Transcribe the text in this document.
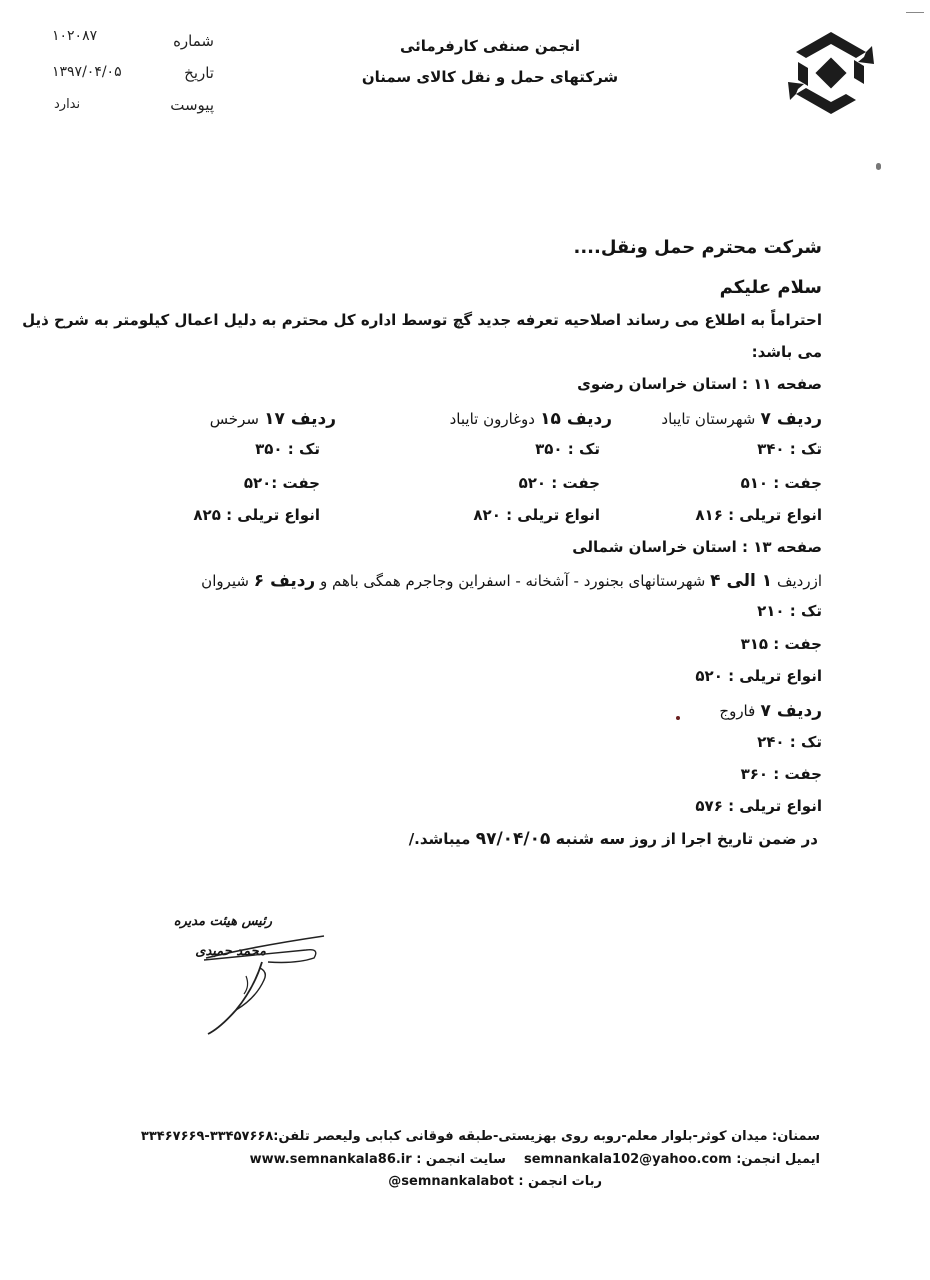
انجمن صنفی کارفرمائی
شرکتهای حمل و نقل کالای سمنان
شماره
۱۰۲۰۸۷
تاریخ
۱۳۹۷/۰۴/۰۵
پیوست
ندارد
شرکت محترم حمل ونقل....
سلام علیکم
احتراماً به اطلاع می رساند اصلاحیه تعرفه جدید گچ توسط اداره کل محترم به دلیل اعمال کیلومتر به شرح ذیل
می باشد:
صفحه ۱۱ : استان خراسان رضوی
ردیف ۷ شهرستان تایباد
تک : ۳۴۰
جفت : ۵۱۰
انواع تریلی : ۸۱۶
ردیف ۱۵ دوغارون تایباد
تک : ۳۵۰
جفت : ۵۲۰
انواع تریلی : ۸۲۰
ردیف ۱۷ سرخس
تک : ۳۵۰
جفت :۵۲۰
انواع تریلی : ۸۲۵
صفحه ۱۳ : استان خراسان شمالی
ازردیف ۱ الی ۴ شهرستانهای بجنورد - آشخانه - اسفراین وجاجرم همگی باهم و ردیف ۶ شیروان
تک : ۲۱۰
جفت : ۳۱۵
انواع تریلی : ۵۲۰
ردیف ۷ فاروج
تک : ۲۴۰
جفت : ۳۶۰
انواع تریلی : ۵۷۶
در ضمن تاریخ اجرا از روز سه شنبه ۹۷/۰۴/۰۵ میباشد./
رئیس هیئت مدیره
محمد حمیدی
سمنان: میدان کوثر-بلوار معلم-روبه روی بهزیستی-طبقه فوقانی کبابی ولیعصر تلفن:۳۳۴۵۷۶۶۸-۳۳۴۶۷۶۶۹
ایمیل انجمن: semnankala102@yahoo.com    سایت انجمن : www.semnankala86.ir
ربات انجمن : @semnankalabot
